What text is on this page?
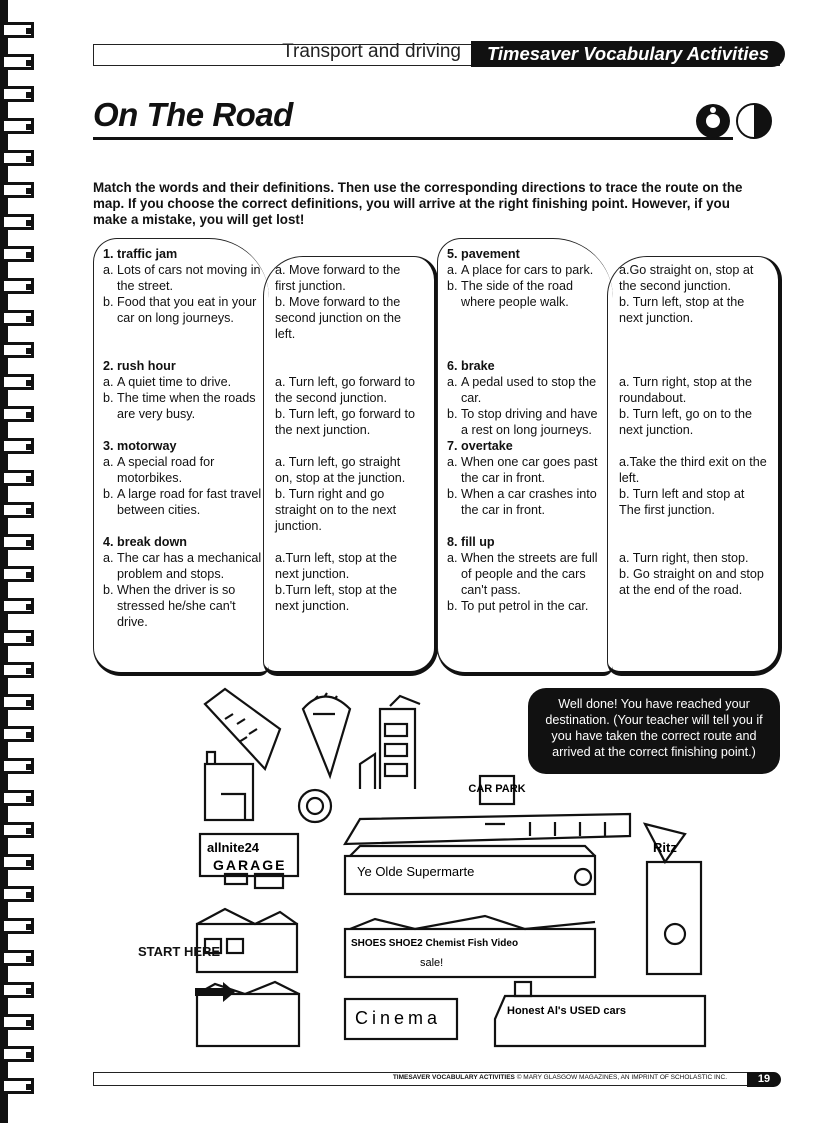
Transport and driving	Timesaver Vocabulary Activities
On The Road
Match the words and their definitions. Then use the corresponding directions to trace the route on the map. If you choose the correct definitions, you will arrive at the right finishing point. However, if you make a mistake, you will get lost!

1. traffic jam

a. Lots of cars not moving in the street.
b. Food that you eat in your car on long journeys.

a. Move forward to the first junction.

b. Move forward to the second junction on the left.

2. rush hour

a. A quiet time to drive.
b. The time when the roads are very busy.

a. Turn left, go forward to the second junction.

b. Turn left, go forward to the next junction.

3. motorway

a. A special road for motorbikes.
b. A large road for fast travel between cities.

a. Turn left, go straight on, stop at the junction.

b. Turn right and go straight on to the next junction.

4. break down

a. The car has a mechanical problem and stops.
b. When the driver is so stressed he/she can't drive.

a.Turn left, stop at the next junction.

b.Turn left, stop at the next junction.

5. pavement

a. A place for cars to park.
b. The side of the road where people walk.

a.Go straight on, stop at the second junction.

b. Turn left, stop at the next junction.

6. brake

a. A pedal used to stop the car.
b. To stop driving and have a rest on long journeys.

a. Turn right, stop at the roundabout.

b. Turn left, go on to the next junction.

7. overtake

a. When one car goes past the car in front.
b. When a car crashes into the car in front.

a.Take the third exit on the left.

b. Turn left and stop at The first junction.

8. fill up

a. When the streets are full of people and the cars can't pass.
b. To put petrol in the car.

a. Turn right, then stop.

b. Go straight on and stop at the end of the road.

Well done! You have reached your destination. (Your teacher will tell you if you have taken the correct route and arrived at the correct finishing point.)
CAR PARK
allnite24
GARAGE	Ye Olde Supermarte
Ritz
SHOES SHOE2 Chemist Fish Video
sale!
Cinema	Honest Al's USED cars
START HERE
TIMESAVER VOCABULARY ACTIVITIES © MARY GLASGOW MAGAZINES, AN IMPRINT OF SCHOLASTIC INC.	19
